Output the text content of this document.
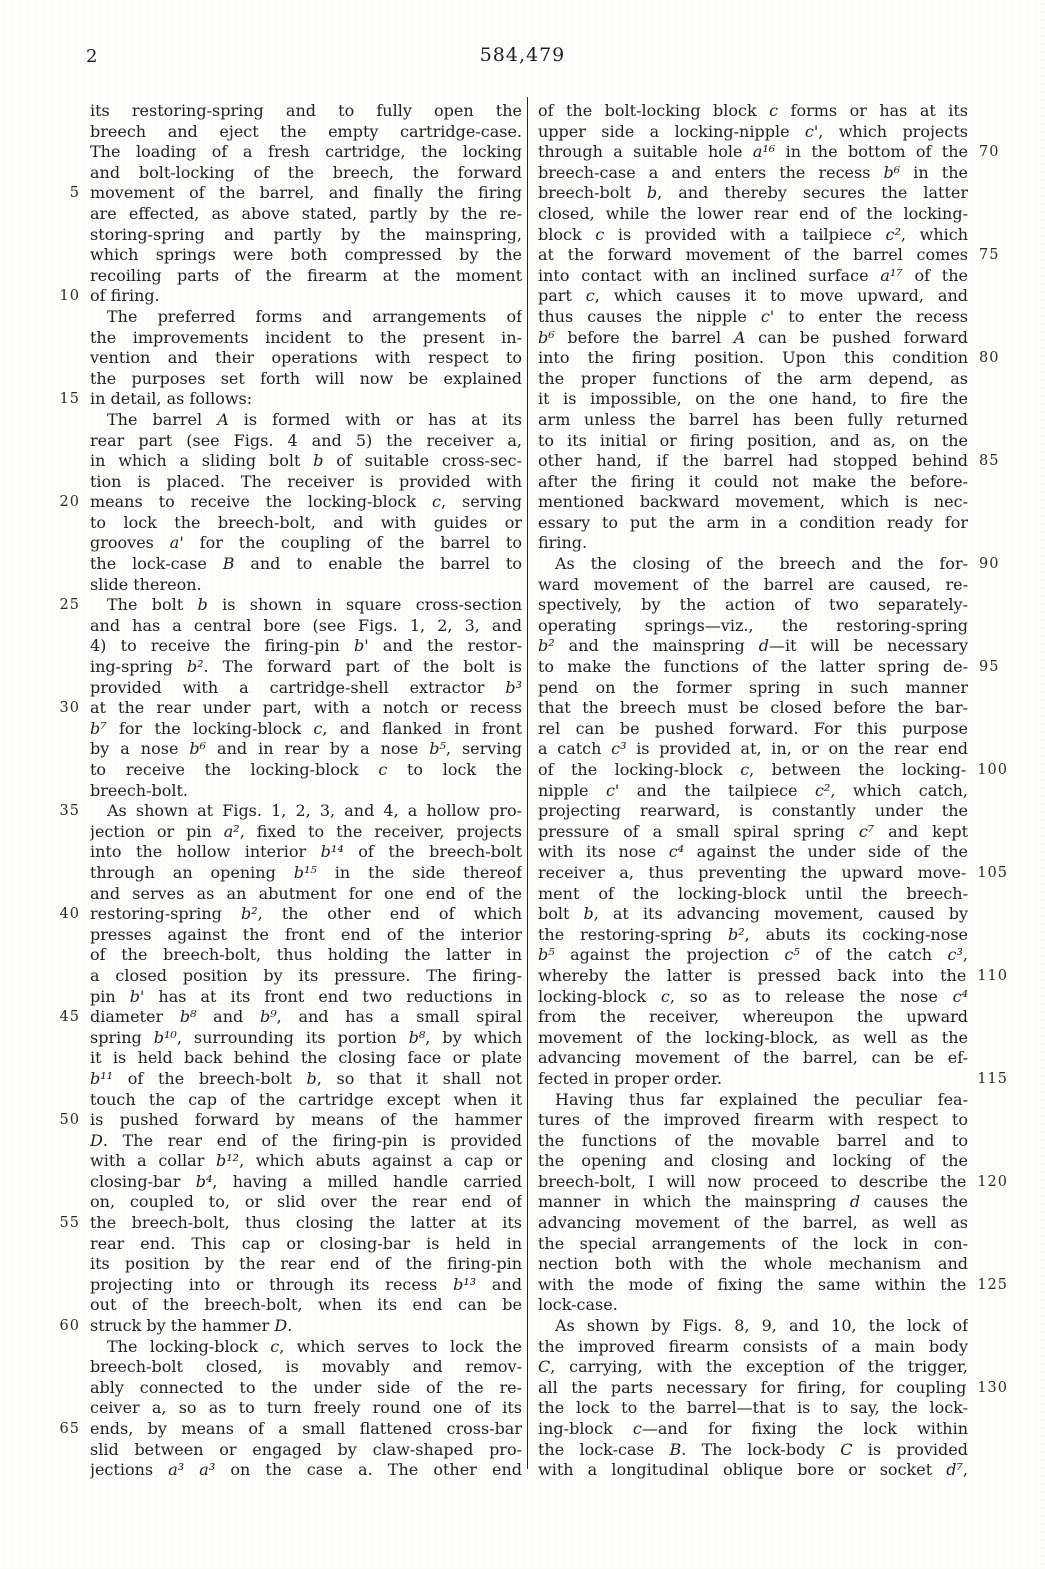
2	584,479
its restoring-spring and to fully open the
breech and eject the empty cartridge-case.
The loading of a fresh cartridge, the locking
and bolt-locking of the breech, the forward
5 movement of the barrel, and finally the firing
are effected, as above stated, partly by the re-
storing-spring and partly by the mainspring,
which springs were both compressed by the
recoiling parts of the firearm at the moment
10 of firing.
The preferred forms and arrangements of
the improvements incident to the present in-
vention and their operations with respect to
the purposes set forth will now be explained
15 in detail, as follows:
The barrel A is formed with or has at its
rear part (see Figs. 4 and 5) the receiver a,
in which a sliding bolt b of suitable cross-sec-
tion is placed. The receiver is provided with
20 means to receive the locking-block c, serving
to lock the breech-bolt, and with guides or
grooves a' for the coupling of the barrel to
the lock-case B and to enable the barrel to
slide thereon.
25	The bolt b is shown in square cross-section
and has a central bore (see Figs. 1, 2, 3, and
4) to receive the firing-pin b' and the restor-
ing-spring b². The forward part of the bolt is
provided with a cartridge-shell extractor b³
30 at the rear under part, with a notch or recess
b⁷ for the locking-block c, and flanked in front
by a nose b⁶ and in rear by a nose b⁵, serving
to receive the locking-block c to lock the
breech-bolt.
35	As shown at Figs. 1, 2, 3, and 4, a hollow pro-
jection or pin a², fixed to the receiver, projects
into the hollow interior b¹⁴ of the breech-bolt
through an opening b¹⁵ in the side thereof
and serves as an abutment for one end of the
40 restoring-spring b², the other end of which
presses against the front end of the interior
of the breech-bolt, thus holding the latter in
a closed position by its pressure. The firing-
pin b' has at its front end two reductions in
45 diameter b⁸ and b⁹, and has a small spiral
spring b¹⁰, surrounding its portion b⁸, by which
it is held back behind the closing face or plate
b¹¹ of the breech-bolt b, so that it shall not
touch the cap of the cartridge except when it
50 is pushed forward by means of the hammer
D. The rear end of the firing-pin is provided
with a collar b¹², which abuts against a cap or
closing-bar b⁴, having a milled handle carried
on, coupled to, or slid over the rear end of
55 the breech-bolt, thus closing the latter at its
rear end. This cap or closing-bar is held in
its position by the rear end of the firing-pin
projecting into or through its recess b¹³ and
out of the breech-bolt, when its end can be
60 struck by the hammer D.
The locking-block c, which serves to lock the
breech-bolt closed, is movably and remov-
ably connected to the under side of the re-
ceiver a, so as to turn freely round one of its
65 ends, by means of a small flattened cross-bar
slid between or engaged by claw-shaped pro-
jections a³ a³ on the case a. The other end
of the bolt-locking block c forms or has at its
upper side a locking-nipple c', which projects
through a suitable hole a¹⁶ in the bottom of the 70
breech-case a and enters the recess b⁶ in the
breech-bolt b, and thereby secures the latter
closed, while the lower rear end of the locking-
block c is provided with a tailpiece c², which
at the forward movement of the barrel comes 75
into contact with an inclined surface a¹⁷ of the
part c, which causes it to move upward, and
thus causes the nipple c' to enter the recess
b⁶ before the barrel A can be pushed forward
into the firing position. Upon this condition 80
the proper functions of the arm depend, as
it is impossible, on the one hand, to fire the
arm unless the barrel has been fully returned
to its initial or firing position, and as, on the
other hand, if the barrel had stopped behind 85
after the firing it could not make the before-
mentioned backward movement, which is nec-
essary to put the arm in a condition ready for
firing.
As the closing of the breech and the for- 90
ward movement of the barrel are caused, re-
spectively, by the action of two separately-
operating springs—viz., the restoring-spring
b² and the mainspring d—it will be necessary
to make the functions of the latter spring de- 95
pend on the former spring in such manner
that the breech must be closed before the bar-
rel can be pushed forward. For this purpose
a catch c³ is provided at, in, or on the rear end
of the locking-block c, between the locking- 100
nipple c' and the tailpiece c², which catch,
projecting rearward, is constantly under the
pressure of a small spiral spring c⁷ and kept
with its nose c⁴ against the under side of the
receiver a, thus preventing the upward move- 105
ment of the locking-block until the breech-
bolt b, at its advancing movement, caused by
the restoring-spring b², abuts its cocking-nose
b⁵ against the projection c⁵ of the catch c³,
whereby the latter is pressed back into the 110
locking-block c, so as to release the nose c⁴
from the receiver, whereupon the upward
movement of the locking-block, as well as the
advancing movement of the barrel, can be ef-
fected in proper order.	115
Having thus far explained the peculiar fea-
tures of the improved firearm with respect to
the functions of the movable barrel and to
the opening and closing and locking of the
breech-bolt, I will now proceed to describe the 120
manner in which the mainspring d causes the
advancing movement of the barrel, as well as
the special arrangements of the lock in con-
nection both with the whole mechanism and
with the mode of fixing the same within the 125
lock-case.
As shown by Figs. 8, 9, and 10, the lock of
the improved firearm consists of a main body
C, carrying, with the exception of the trigger,
all the parts necessary for firing, for coupling 130
the lock to the barrel—that is to say, the lock-
ing-block c—and for fixing the lock within
the lock-case B. The lock-body C is provided
with a longitudinal oblique bore or socket d⁷,
